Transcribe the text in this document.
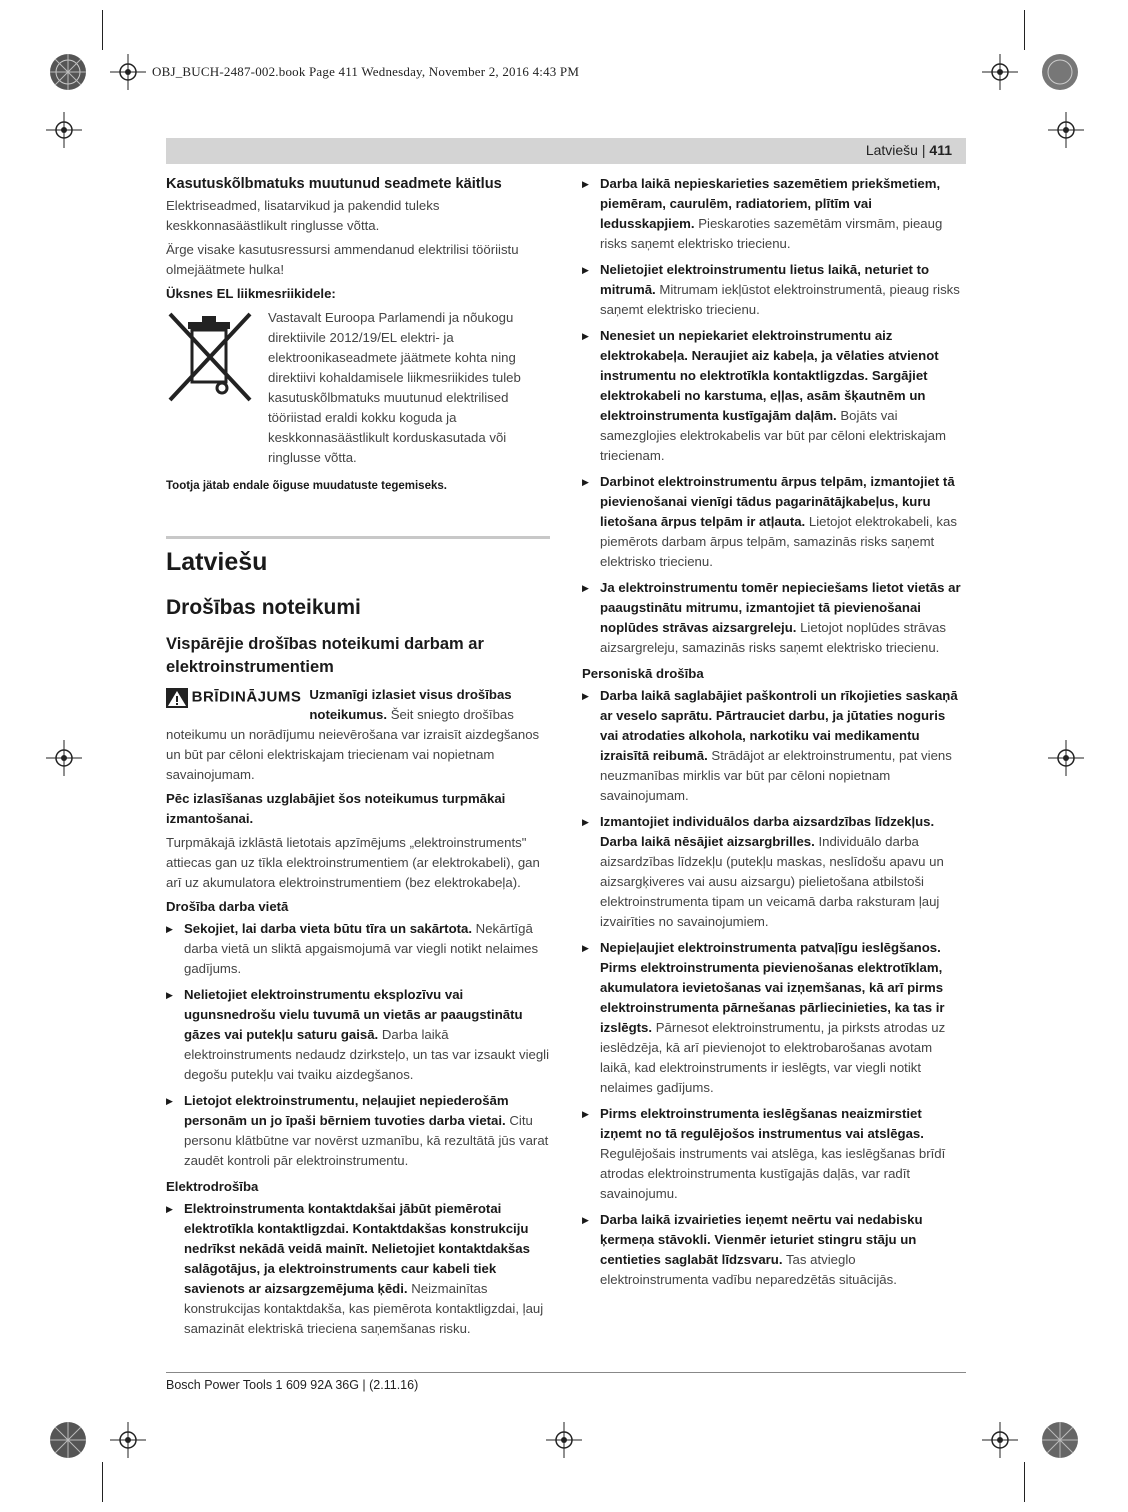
OBJ_BUCH-2487-002.book Page 411 Wednesday, November 2, 2016 4:43 PM
Latviešu | 411
Kasutuskõlbmatuks muutunud seadmete käitlus

Elektriseadmed, lisatarvikud ja pakendid tuleks keskkonnasäästlikult ringlusse võtta.

Ärge visake kasutusressursi ammendanud elektrilisi tööriistu olmejäätmete hulka!

Üksnes EL liikmesriikidele:
Vastavalt Euroopa Parlamendi ja nõukogu direktiivile 2012/19/EL elektri- ja elektroonikaseadmete jäätmete kohta ning direktiivi kohaldamisele liikmesriikides tuleb kasutuskõlbmatuks muutunud elektrilised tööriistad eraldi kokku koguda ja keskkonnasäästlikult korduskasutada või ringlusse võtta.
Tootja jätab endale õiguse muudatuste tegemiseks.
Latviešu
Drošības noteikumi
Vispārējie drošības noteikumi darbam ar elektroinstrumentiem
BRĪDINĀJUMS Uzmanīgi izlasiet visus drošības noteikumus. Šeit sniegto drošības noteikumu un norādījumu neievērošana var izraisīt aizdegšanos un būt par cēloni elektriskajam triecienam vai nopietnam savainojumam.

Pēc izlasīšanas uzglabājiet šos noteikumus turpmākai izmantošanai.

Turpmākajā izklāstā lietotais apzīmējums „elektroinstruments" attiecas gan uz tīkla elektroinstrumentiem (ar elektrokabeli), gan arī uz akumulatora elektroinstrumentiem (bez elektrokabeļa).

Drošība darba vietā
▶ Sekojiet, lai darba vieta būtu tīra un sakārtota. Nekārtīgā darba vietā un sliktā apgaismojumā var viegli notikt nelaimes gadījums.
▶ Nelietojiet elektroinstrumentu eksplozīvu vai ugunsnedrošu vielu tuvumā un vietās ar paaugstinātu gāzes vai putekļu saturu gaisā. Darba laikā elektroinstruments nedaudz dzirksteļo, un tas var izsaukt viegli degošu putekļu vai tvaiku aizdegšanos.
▶ Lietojot elektroinstrumentu, neļaujiet nepiederošām personām un jo īpaši bērniem tuvoties darba vietai. Citu personu klātbūtne var novērst uzmanību, kā rezultātā jūs varat zaudēt kontroli pār elektroinstrumentu.
Elektrodrošība
▶ Elektroinstrumenta kontaktdakšai jābūt piemērotai elektrotīkla kontaktligzdai. Kontaktdakšas konstrukciju nedrīkst nekādā veidā mainīt. Nelietojiet kontaktdakšas salāgotājus, ja elektroinstruments caur kabeli tiek savienots ar aizsargzemējuma ķēdi. Neizmainītas konstrukcijas kontaktdakša, kas piemērota kontaktligzdai, ļauj samazināt elektriskā trieciena saņemšanas risku.
▶ Darba laikā nepieskarieties sazemētiem priekšmetiem, piemēram, caurulēm, radiatoriem, plītīm vai ledusskapjiem. Pieskaroties sazemētām virsmām, pieaug risks saņemt elektrisko triecienu.
▶ Nelietojiet elektroinstrumentu lietus laikā, neturiet to mitrumā. Mitrumam iekļūstot elektroinstrumentā, pieaug risks saņemt elektrisko triecienu.
▶ Nenesiet un nepiekariet elektroinstrumentu aiz elektrokabeļa. Neraujiet aiz kabeļa, ja vēlaties atvienot instrumentu no elektrotīkla kontaktligzdas. Sargājiet elektrokabeli no karstuma, eļļas, asām šķautnēm un elektroinstrumenta kustīgajām daļām. Bojāts vai samezglojies elektrokabelis var būt par cēloni elektriskajam triecienam.
▶ Darbinot elektroinstrumentu ārpus telpām, izmantojiet tā pievienošanai vienīgi tādus pagarinātājkabeļus, kuru lietošana ārpus telpām ir atļauta. Lietojot elektrokabeli, kas piemērots darbam ārpus telpām, samazinās risks saņemt elektrisko triecienu.
▶ Ja elektroinstrumentu tomēr nepieciešams lietot vietās ar paaugstinātu mitrumu, izmantojiet tā pievienošanai noplūdes strāvas aizsargreleju. Lietojot noplūdes strāvas aizsargreleju, samazinās risks saņemt elektrisko triecienu.
Personiskā drošība
▶ Darba laikā saglabājiet paškontroli un rīkojieties saskaņā ar veselo saprātu. Pārtrauciet darbu, ja jūtaties noguris vai atrodaties alkohola, narkotiku vai medikamentu izraisītā reibumā. Strādājot ar elektroinstrumentu, pat viens neuzmanības mirklis var būt par cēloni nopietnam savainojumam.
▶ Izmantojiet individuālos darba aizsardzības līdzekļus. Darba laikā nēsājiet aizsargbrilles. Individuālo darba aizsardzības līdzekļu (putekļu maskas, neslīdošu apavu un aizsargķiveres vai ausu aizsargu) pielietošana atbilstoši elektroinstrumenta tipam un veicamā darba raksturam ļauj izvairīties no savainojumiem.
▶ Nepieļaujiet elektroinstrumenta patvaļīgu ieslēgšanos. Pirms elektroinstrumenta pievienošanas elektrotīklam, akumulatora ievietošanas vai izņemšanas, kā arī pirms elektroinstrumenta pārnešanas pārliecinieties, ka tas ir izslēgts. Pārnesot elektroinstrumentu, ja pirksts atrodas uz ieslēdzēja, kā arī pievienojot to elektrobarošanas avotam laikā, kad elektroinstruments ir ieslēgts, var viegli notikt nelaimes gadījums.
▶ Pirms elektroinstrumenta ieslēgšanas neaizmirstiet izņemt no tā regulējošos instrumentus vai atslēgas. Regulējošais instruments vai atslēga, kas ieslēgšanas brīdī atrodas elektroinstrumenta kustīgajās daļās, var radīt savainojumu.
▶ Darba laikā izvairieties ieņemt neērtu vai nedabisku ķermeņa stāvokli. Vienmēr ieturiet stingru stāju un centieties saglabāt līdzsvaru. Tas atvieglo elektroinstrumenta vadību neparedzētās situācijās.
Bosch Power Tools 1 609 92A 36G | (2.11.16)
